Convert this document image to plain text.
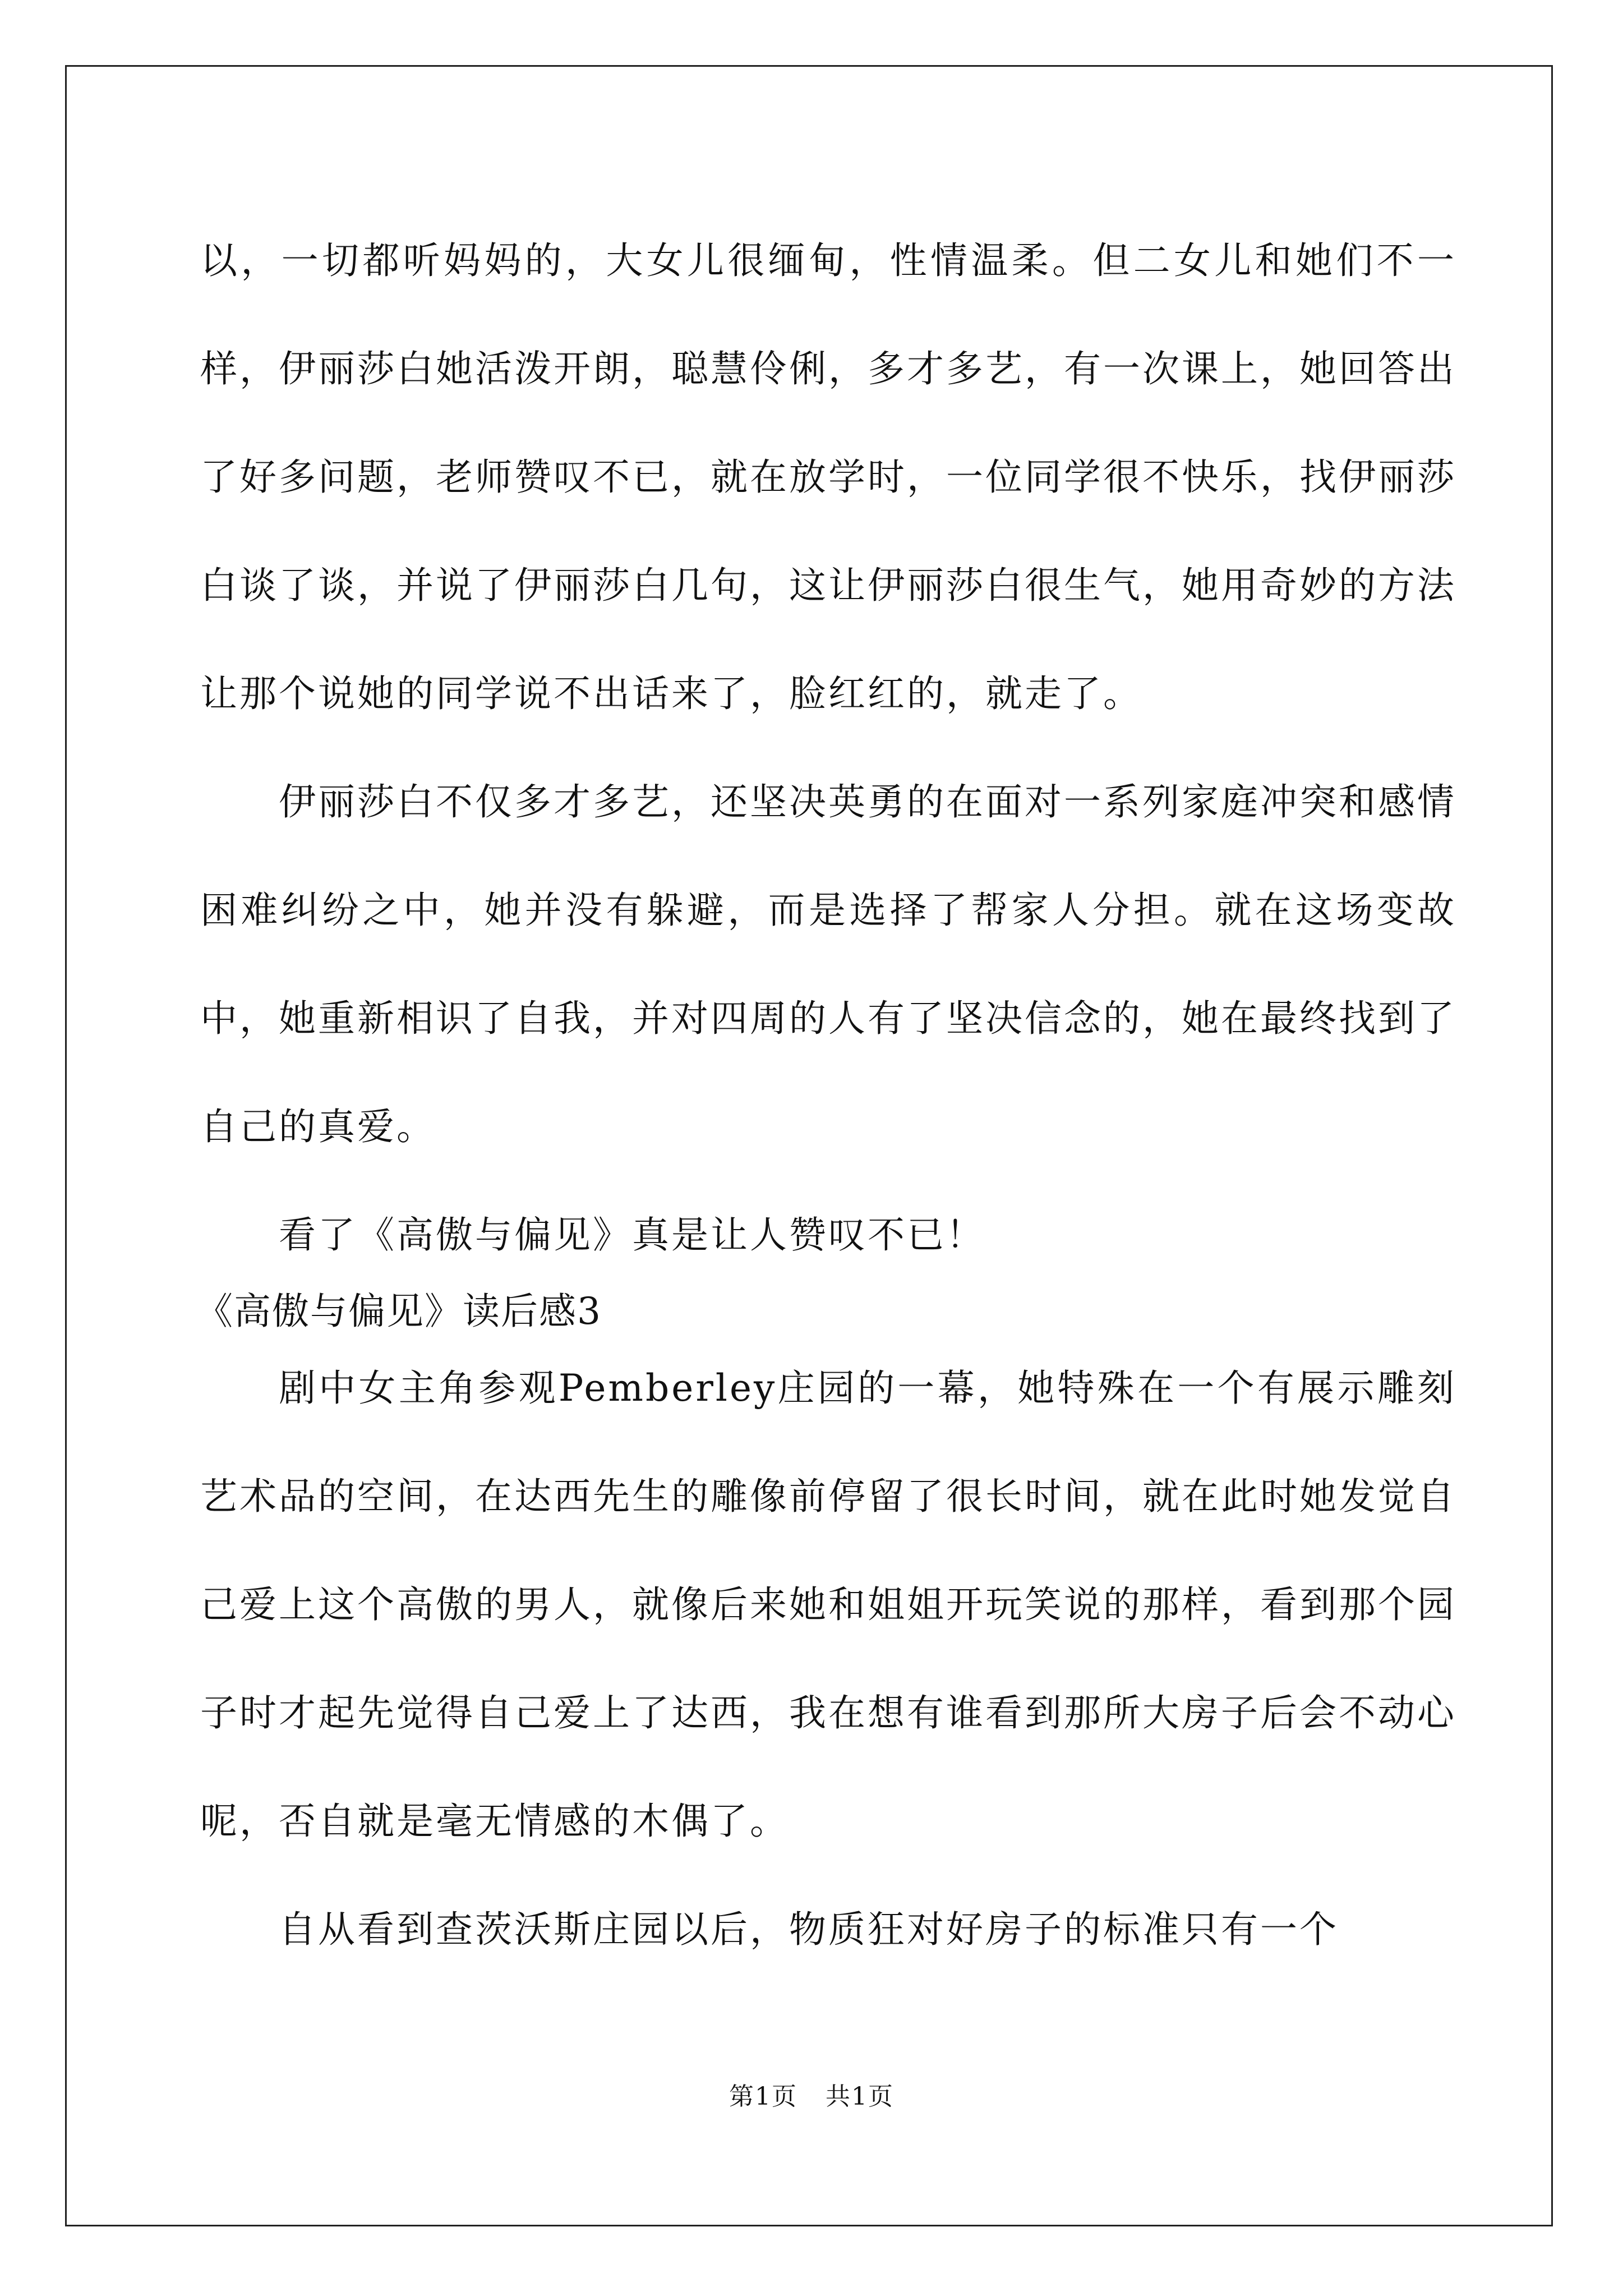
以，一切都听妈妈的，大女儿很缅甸，性情温柔。但二女儿和她们不一样，伊丽莎白她活泼开朗，聪慧伶俐，多才多艺，有一次课上，她回答出了好多问题，老师赞叹不已，就在放学时，一位同学很不快乐，找伊丽莎白谈了谈，并说了伊丽莎白几句，这让伊丽莎白很生气，她用奇妙的方法让那个说她的同学说不出话来了，脸红红的，就走了。

伊丽莎白不仅多才多艺，还坚决英勇的在面对一系列家庭冲突和感情困难纠纷之中，她并没有躲避，而是选择了帮家人分担。就在这场变故中，她重新相识了自我，并对四周的人有了坚决信念的，她在最终找到了自己的真爱。

看了《高傲与偏见》真是让人赞叹不已！

《高傲与偏见》读后感3

剧中女主角参观Pemberley庄园的一幕，她特殊在一个有展示雕刻艺术品的空间，在达西先生的雕像前停留了很长时间，就在此时她发觉自己爱上这个高傲的男人，就像后来她和姐姐开玩笑说的那样，看到那个园子时才起先觉得自己爱上了达西，我在想有谁看到那所大房子后会不动心呢，否自就是毫无情感的木偶了。

自从看到查茨沃斯庄园以后，物质狂对好房子的标准只有一个

第1页 共1页
